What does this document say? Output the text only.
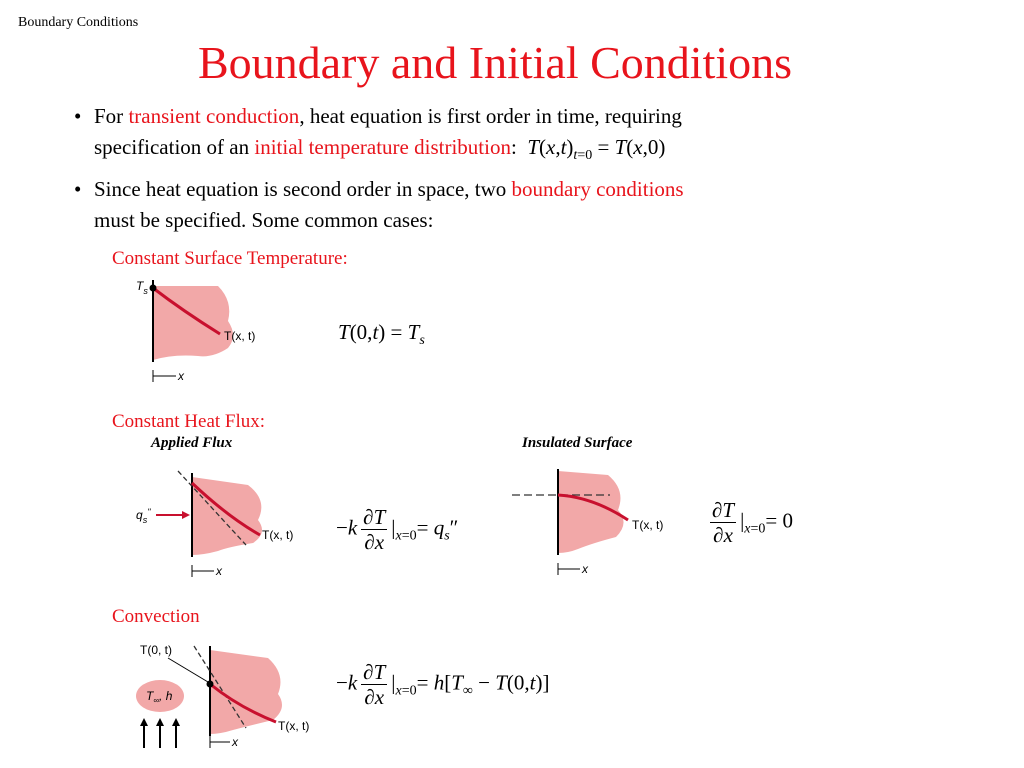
Boundary Conditions
Boundary and Initial Conditions
• For transient conduction, heat equation is first order in time, requiring
specification of an initial temperature distribution: $T(x,t)_{t=0} = T(x,0)$
• Since heat equation is second order in space, two boundary conditions
must be specified. Some common cases:
Constant Surface Temperature:
$T_s$
T(x, t)
x
$T(0,t) = T_s$
Constant Heat Flux:
Applied Flux	Insulated Surface
$q_s''$
T(x, t)
x
$-k \frac{\partial T}{\partial x} |_{x=0}= q_s''$	T(x, t)
x
$\frac{\partial T}{\partial x} |_{x=0}= 0$
Convection
T(0, t)
$T_\infty$, h
T(x, t)
x
$-k \frac{\partial T}{\partial x} |_{x=0}= h[T_\infty - T(0,t)]$
